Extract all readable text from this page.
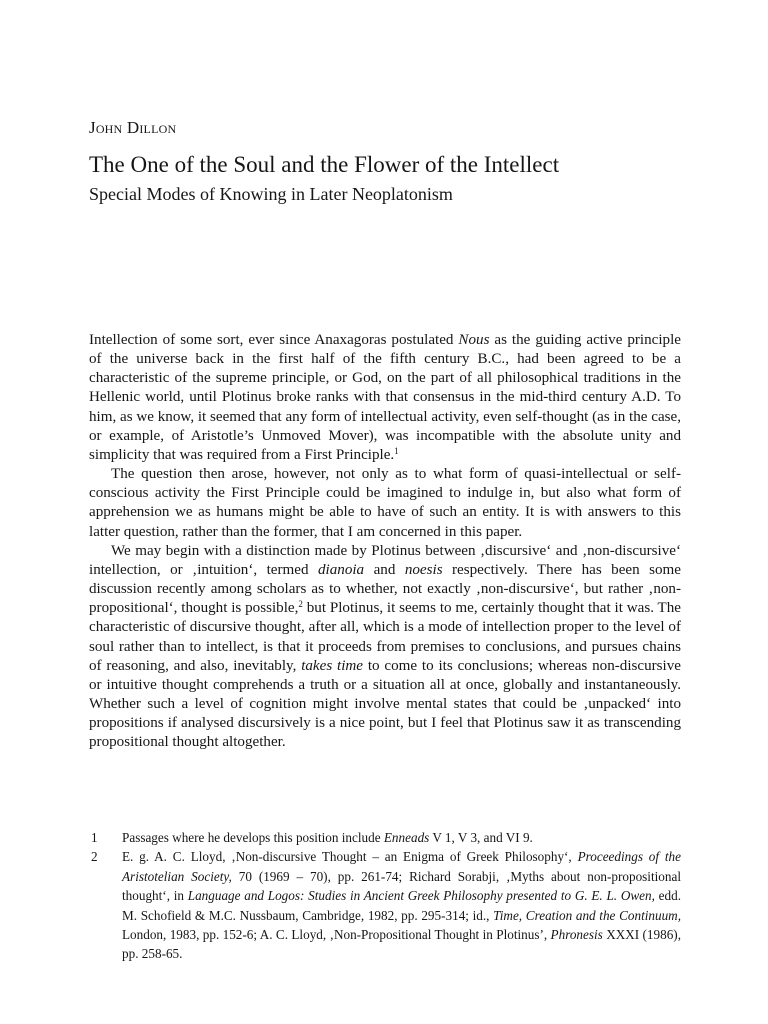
John Dillon
The One of the Soul and the Flower of the Intellect
Special Modes of Knowing in Later Neoplatonism

Intellection of some sort, ever since Anaxagoras postulated Nous as the guiding active principle of the universe back in the first half of the fifth century B.C., had been agreed to be a characteristic of the supreme principle, or God, on the part of all philosophical traditions in the Hellenic world, until Plotinus broke ranks with that consensus in the mid-third century A.D. To him, as we know, it seemed that any form of intellectual activity, even self-thought (as in the case, or example, of Aristotle’s Unmoved Mover), was incompatible with the absolute unity and simplicity that was required from a First Principle.$^1$

The question then arose, however, not only as to what form of quasi-intellectual or self-conscious activity the First Principle could be imagined to indulge in, but also what form of apprehension we as humans might be able to have of such an entity. It is with answers to this latter question, rather than the former, that I am concerned in this paper.

We may begin with a distinction made by Plotinus between ‚discursive‘ and ‚non-discursive‘ intellection, or ‚intuition‘, termed dianoia and noesis respectively. There has been some discussion recently among scholars as to whether, not exactly ‚non-discursive‘, but rather ‚non-propositional‘, thought is possible,$^2$ but Plotinus, it seems to me, certainly thought that it was. The characteristic of discursive thought, after all, which is a mode of intellection proper to the level of soul rather than to intellect, is that it proceeds from premises to conclusions, and pursues chains of reasoning, and also, inevitably, takes time to come to its conclusions; whereas non-discursive or intuitive thought comprehends a truth or a situation all at once, globally and instantaneously. Whether such a level of cognition might involve mental states that could be ‚unpacked‘ into propositions if analysed discursively is a nice point, but I feel that Plotinus saw it as transcending propositional thought altogether.

1	Passages where he develops this position include Enneads V 1, V 3, and VI 9.
2	E. g. A. C. Lloyd, ‚Non-discursive Thought – an Enigma of Greek Philosophy‘, Proceedings of the Aristotelian Society, 70 (1969 – 70), pp. 261-74; Richard Sorabji, ‚Myths about non-propositional thought‘, in Language and Logos: Studies in Ancient Greek Philosophy presented to G. E. L. Owen, edd. M. Schofield & M.C. Nussbaum, Cambridge, 1982, pp. 295-314; id., Time, Creation and the Continuum, London, 1983, pp. 152-6; A. C. Lloyd, ‚Non-Propositional Thought in Plotinus’, Phronesis XXXI (1986), pp. 258-65.
